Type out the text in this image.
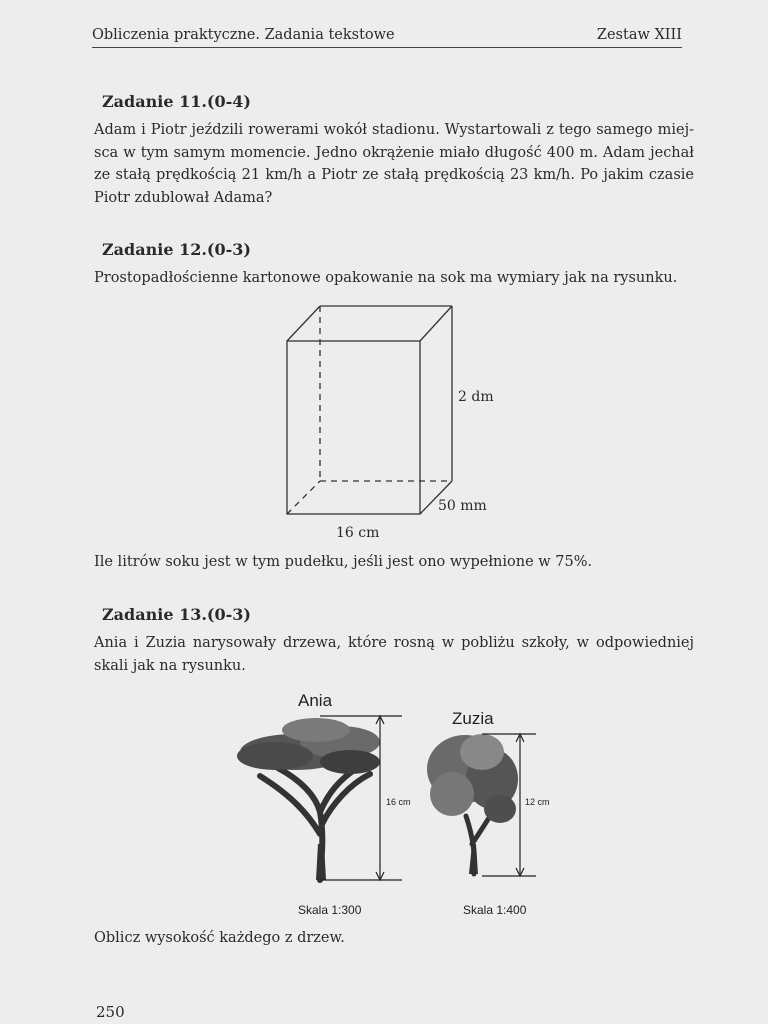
Obliczenia praktyczne. Zadania tekstowe	Zestaw XIII
Zadanie 11.(0-4)
Adam i Piotr jeździli rowerami wokół stadionu. Wystartowali z tego samego miej-
sca w tym samym momencie. Jedno okrążenie miało długość 400 m. Adam jechał
ze stałą prędkością 21 km/h a Piotr ze stałą prędkością 23 km/h. Po jakim czasie
Piotr zdublował Adama?
Zadanie 12.(0-3)
Prostopadłościenne kartonowe opakowanie na sok ma wymiary jak na rysunku.
2 dm
50 mm
16 cm
Ile litrów soku jest w tym pudełku, jeśli jest ono wypełnione w 75%.
Zadanie 13.(0-3)
Ania i Zuzia narysowały drzewa, które rosną w pobliżu szkoły, w odpowiedniej
skali jak na rysunku.
Ania
16 cm
Skala 1:300
Zuzia
12 cm
Skala 1:400
Oblicz wysokość każdego z drzew.
250
